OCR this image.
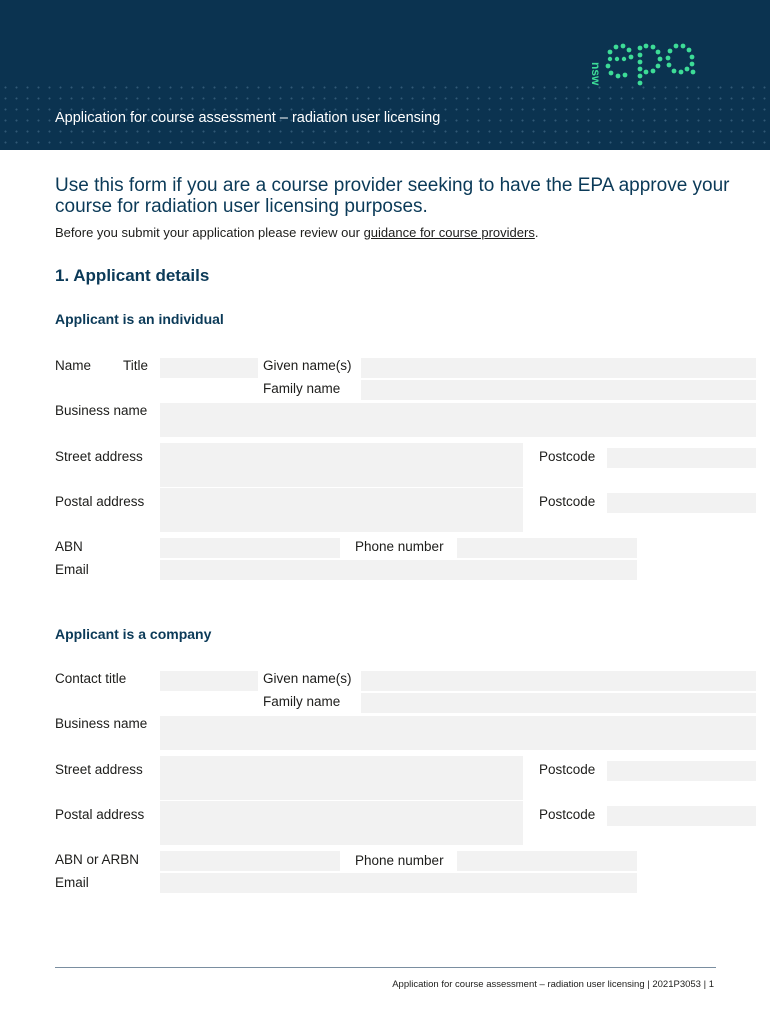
nsw
Application for course assessment – radiation user licensing
Use this form if you are a course provider seeking to have the EPA approve your course for radiation user licensing purposes.
Before you submit your application please review our guidance for course providers.
1. Applicant details
Applicant is an individual
Name Title	Given name(s)
Family name
Business name
Street address	Postcode
Postal address	Postcode
ABN	Phone number
Email
Applicant is a company
Contact title	Given name(s)
Family name
Business name
Street address	Postcode
Postal address	Postcode
ABN or ARBN	Phone number
Email
Application for course assessment – radiation user licensing | 2021P3053 | 1
